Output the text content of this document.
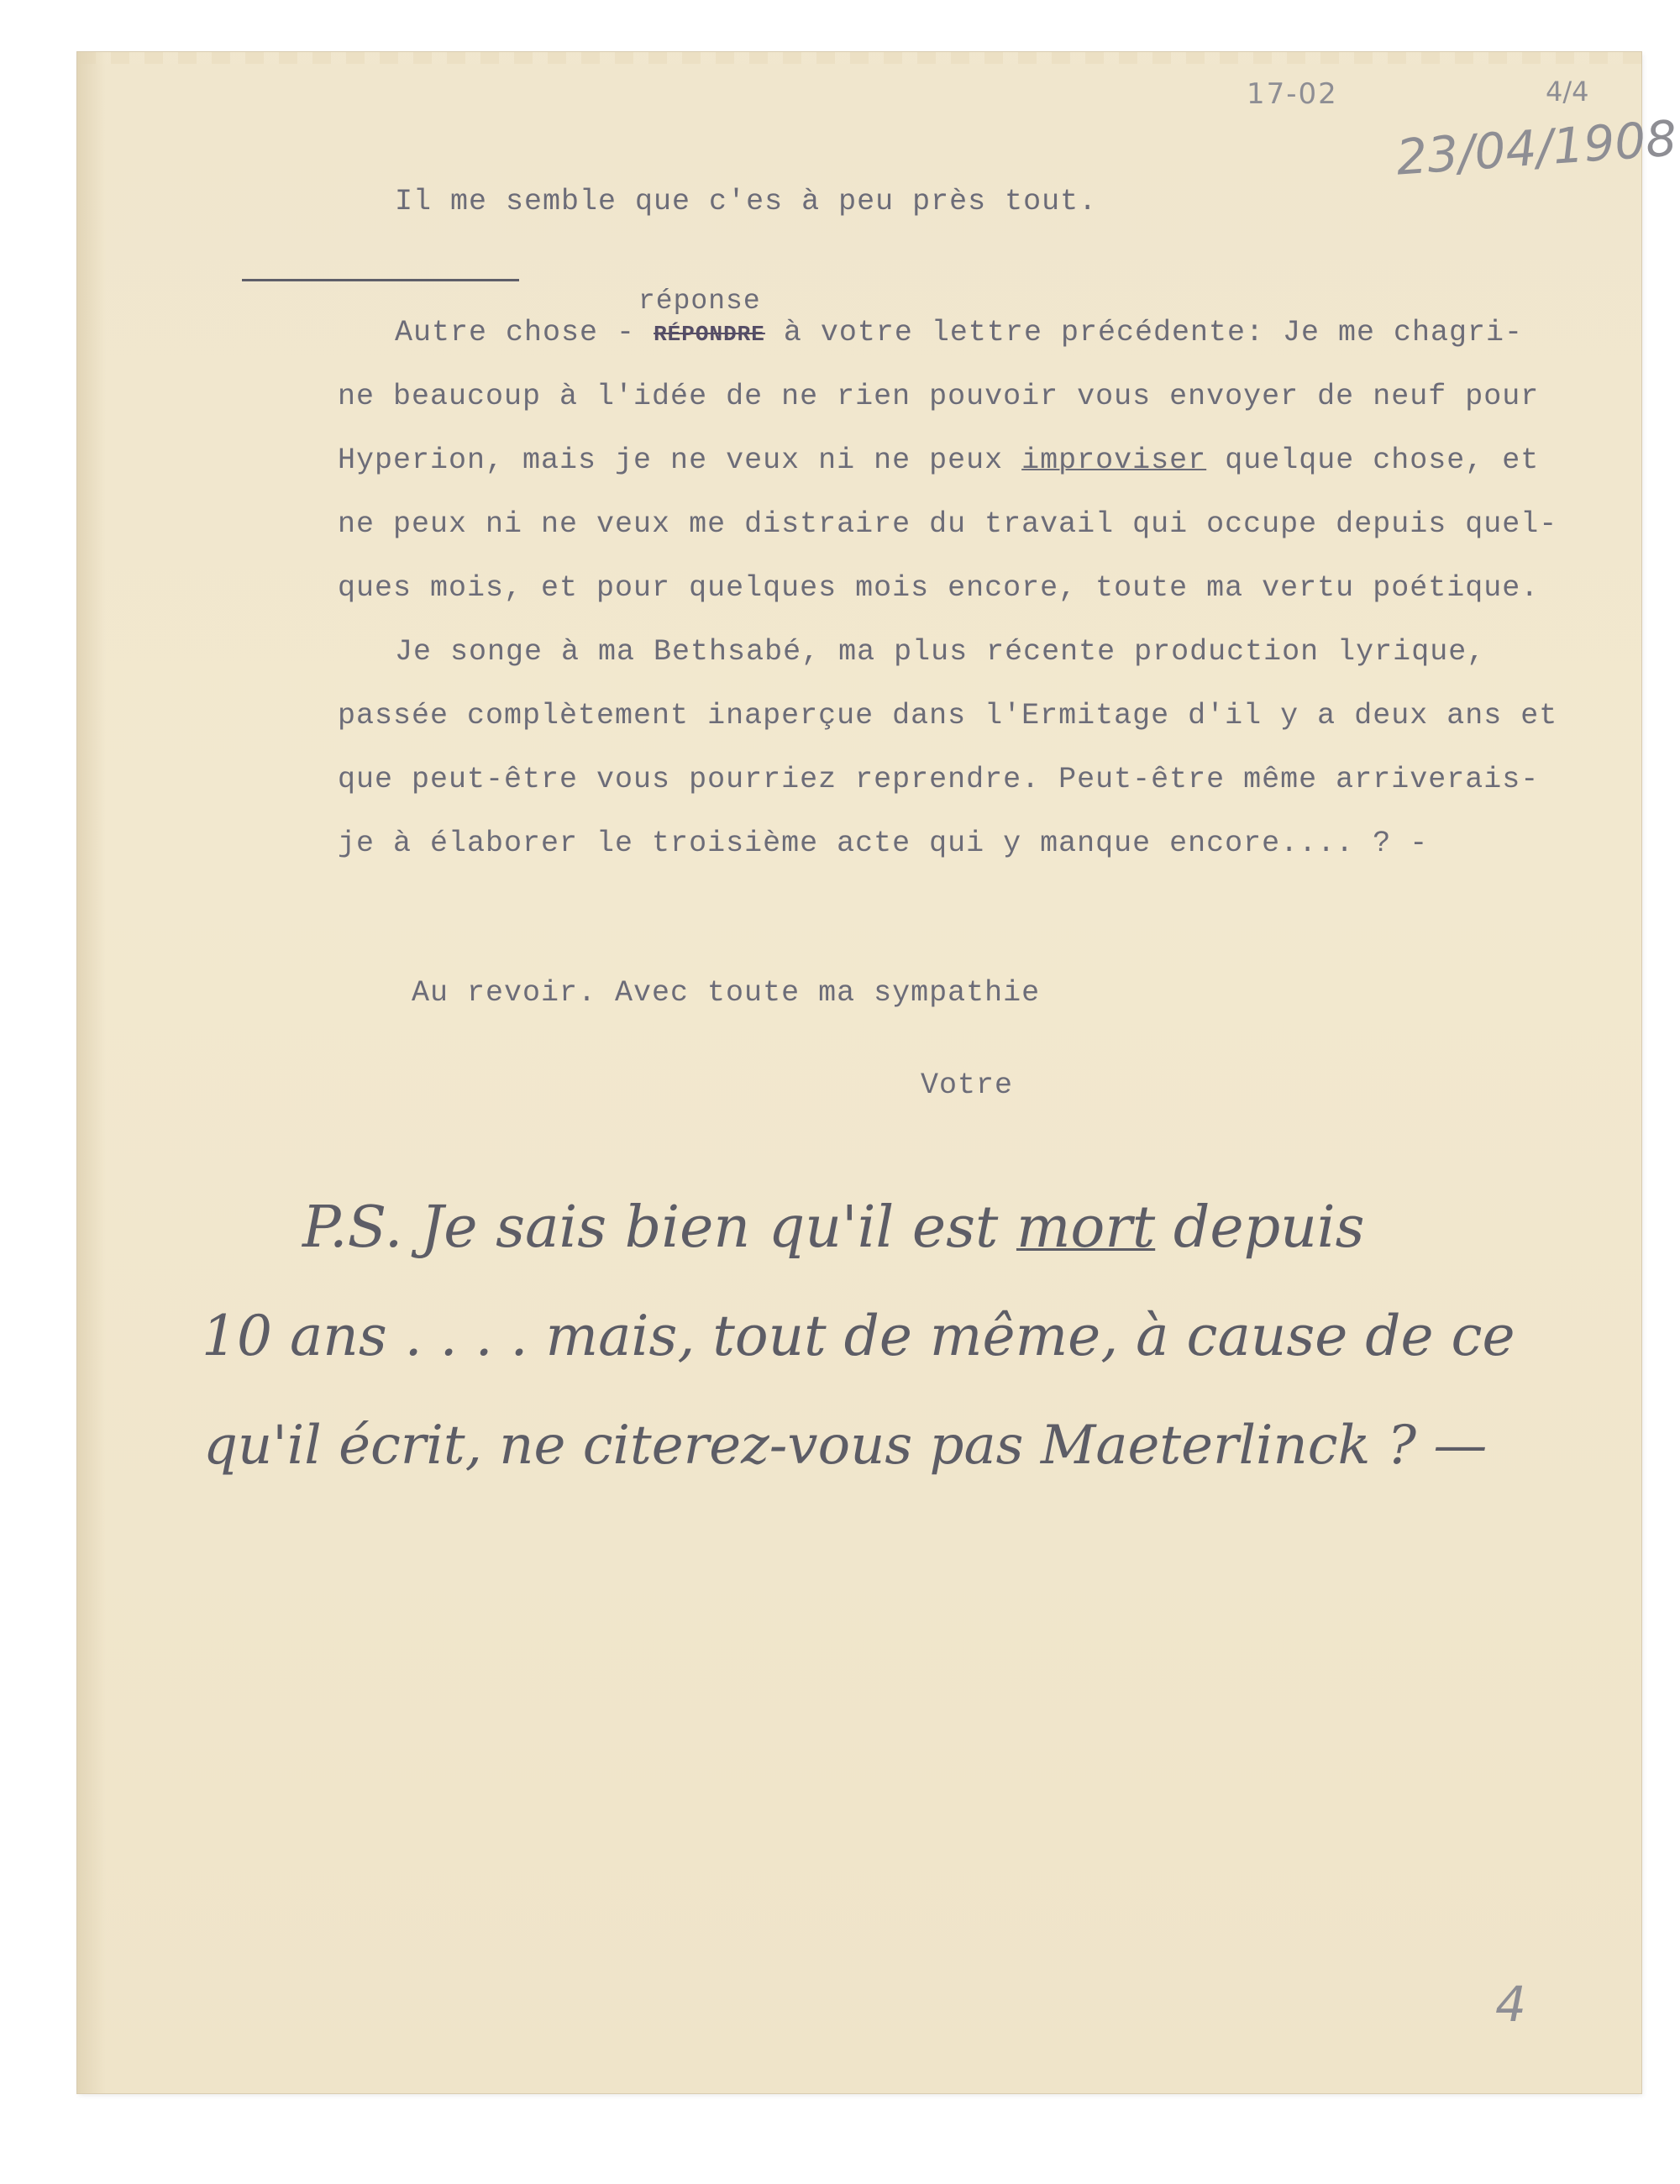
17-02	4/4
23/04/1908
Il me semble que c'es à peu près tout.
réponse
Autre chose - RÉPONDRE à votre lettre précédente: Je me chagri-
ne beaucoup à l'idée de ne rien pouvoir vous envoyer de neuf pour
Hyperion, mais je ne veux ni ne peux improviser quelque chose, et
ne peux ni ne veux me distraire du travail qui occupe depuis quel-
ques mois, et pour quelques mois encore, toute ma vertu poétique.
Je songe à ma Bethsabé, ma plus récente production lyrique,
passée complètement inaperçue dans l'Ermitage d'il y a deux ans et
que peut-être vous pourriez reprendre. Peut-être même arriverais-
je à élaborer le troisième acte qui y manque encore.... ? -
Au revoir. Avec toute ma sympathie
Votre
P.S. Je sais bien qu'il est mort depuis
10 ans . . . . mais, tout de même, à cause de ce
qu'il écrit, ne citerez-vous pas Maeterlinck ? —
4
